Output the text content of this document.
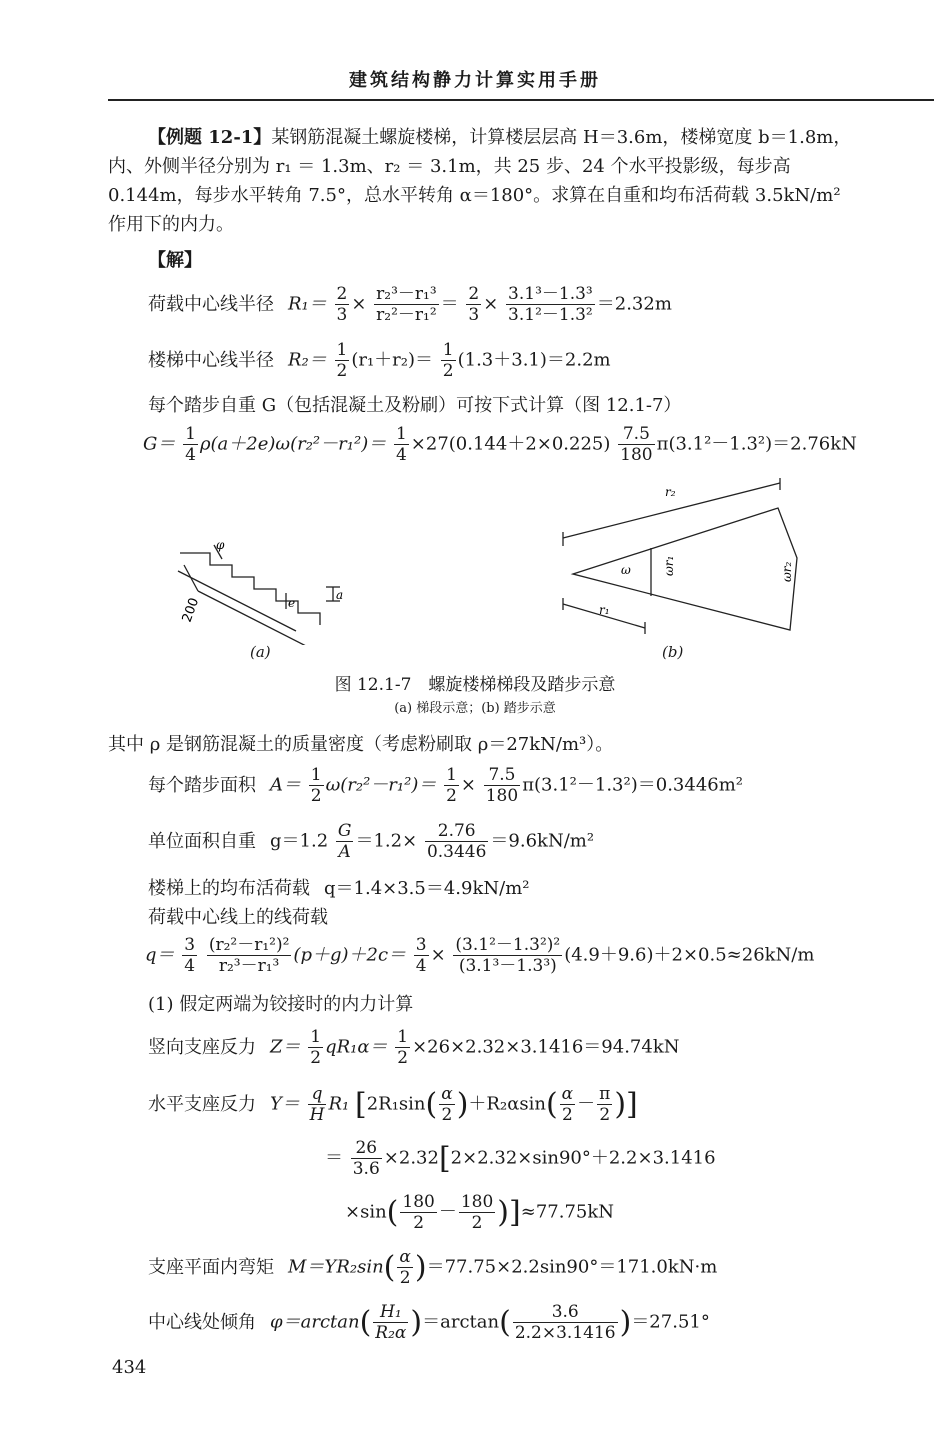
建筑结构静力计算实用手册
【例题 12-1】某钢筋混凝土螺旋楼梯，计算楼层层高 H＝3.6m，楼梯宽度 b＝1.8m，
内、外侧半径分别为 r₁ ＝ 1.3m、r₂ ＝ 3.1m，共 25 步、24 个水平投影级，每步高
0.144m，每步水平转角 7.5°，总水平转角 α＝180°。求算在自重和均布活荷载 3.5kN/m²
作用下的内力。
【解】
荷载中心线半径 $R_1= \frac{2}{3} \times \frac{\text{r₂³－r₁³}}{\text{r₂²－r₁²}} = \frac{2}{3} \times \frac{\text{3.1³－1.3³}}{\text{3.1²－1.3²}} =2.32m$
楼梯中心线半径 $R_2= \frac{1}{2} (r_1+r_2)= \frac{1}{2} (1.3+3.1)=2.2m$
每个踏步自重 G（包括混凝土及粉刷）可按下式计算（图 12.1-7）
$G= \frac{1}{4} \rho(a+2e)\omega(r_2^2-r_1^2)= \frac{1}{4} \times 27(0.144+2\times 0.225) \frac{7.5}{180} \pi(3.1^2-1.3^2)=2.76kN$
200
φ
a
e
(a)
r₂
r₁
ω	ωr₁	ωr₂
(b)
图 12.1-7　螺旋楼梯梯段及踏步示意
(a) 梯段示意；(b) 踏步示意
其中 ρ 是钢筋混凝土的质量密度（考虑粉刷取 ρ＝27kN/m³）。
每个踏步面积 $A= \frac{1}{2} \omega(r_2^2-r_1^2)= \frac{1}{2} \times \frac{7.5}{180} \pi(3.1^2-1.3^2)=0.3446m^2$
单位面积自重 $g=1.2 \frac{G}{A} =1.2\times \frac{2.76}{0.3446} =9.6kN/m^2$
楼梯上的均布活荷载 q＝1.4×3.5＝4.9kN/m²
荷载中心线上的线荷载
$q= \frac{3}{4}$
$\frac{\text{(r₂²－r₁²)²}}{\text{r₂³－r₁³}} (p+g)+2c= \frac{3}{4} \times \frac{\text{(3.1²－1.3²)²}}{\text{(3.1³－1.3³)}} (4.9+9.6)+2\times 0.5\approx 26kN/m$
(1) 假定两端为铰接时的内力计算
竖向支座反力 $Z= \frac{1}{2} qR_1\alpha= \frac{1}{2} \times 26\times 2.32\times 3.1416=94.74kN$
水平支座反力 $Y= \frac{q}{H} R_1$ [$2R_1\sin( \frac{\alpha}{2} )+R_2\alpha\sin( \frac{\alpha}{2} - \frac{\pi}{2}$ )]
＝ $\frac{26}{3.6} \times 2.32[2\times 2.32\times\sin 90^\circ+2.2\times 3.1416$
$\times\sin( \frac{180}{2} - \frac{180}{2} )]\approx 77.75kN$
支座平面内弯矩 $M=YR_2\sin( \frac{\alpha}{2} )=77.75\times 2.2\sin 90^\circ=171.0kN\cdot m$
中心线处倾角 $\varphi=\arctan( \frac{\text{H₁}}{\text{R₂α}} )=\arctan( \frac{3.6}{2.2\times 3.1416} )=27.51^\circ$
434
